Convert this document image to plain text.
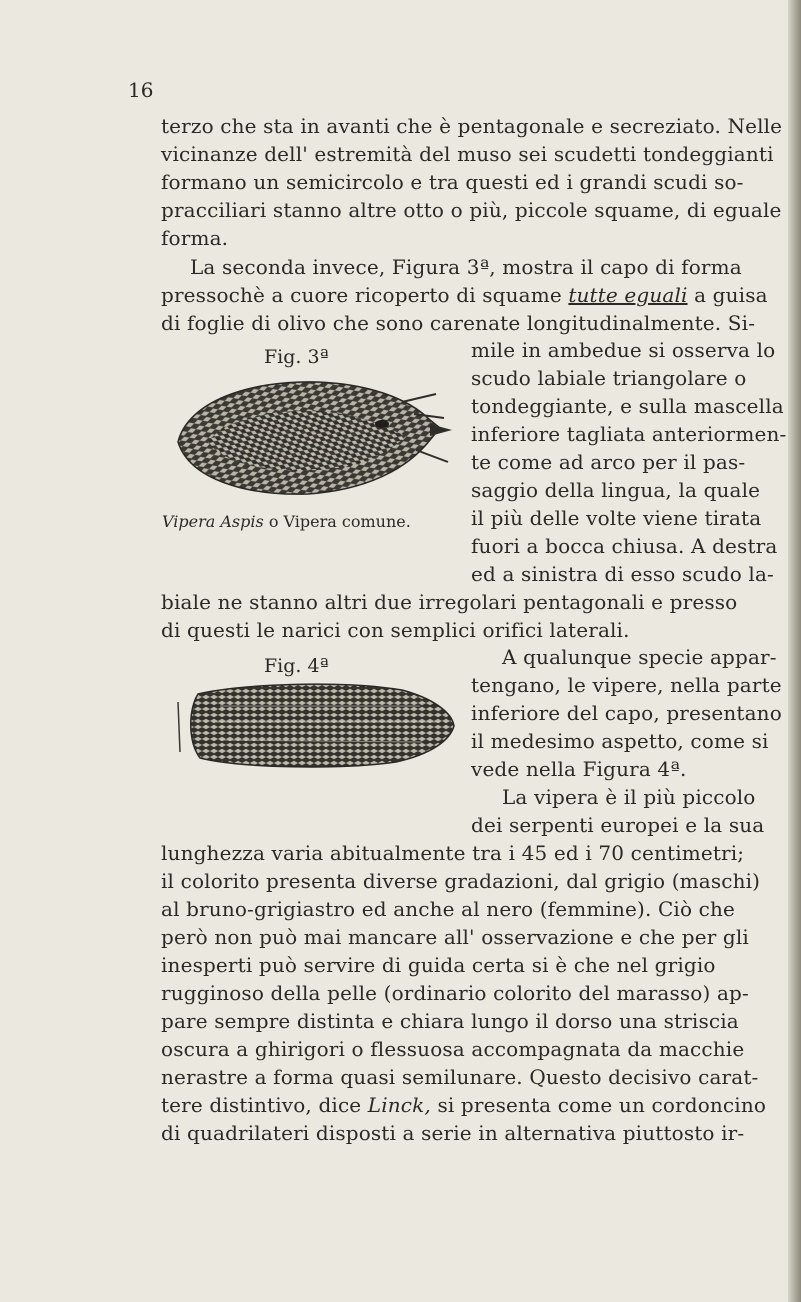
16
terzo che sta in avanti che è pentagonale e secreziato. Nelle
vicinanze dell' estremità del muso sei scudetti tondeggianti
formano un semicircolo e tra questi ed i grandi scudi so-
pracciliari stanno altre otto o più, piccole squame, di eguale
forma.
La seconda invece, Figura 3ª, mostra il capo di forma
pressochè a cuore ricoperto di squame tutte eguali a guisa
di foglie di olivo che sono carenate longitudinalmente. Si-
Fig. 3ª
Vipera Aspis o Vipera comune.
mile in ambedue si osserva lo
scudo labiale triangolare o
tondeggiante, e sulla mascella
inferiore tagliata anteriormen-
te come ad arco per il pas-
saggio della lingua, la quale
il più delle volte viene tirata
fuori a bocca chiusa. A destra
ed a sinistra di esso scudo la-
biale ne stanno altri due irregolari pentagonali e presso
di questi le narici con semplici orifici laterali.
Fig. 4ª	A qualunque specie appar-
tengano, le vipere, nella parte
inferiore del capo, presentano
il medesimo aspetto, come si
vede nella Figura 4ª.
La vipera è il più piccolo
dei serpenti europei e la sua
lunghezza varia abitualmente tra i 45 ed i 70 centimetri;
il colorito presenta diverse gradazioni, dal grigio (maschi)
al bruno-grigiastro ed anche al nero (femmine). Ciò che
però non può mai mancare all' osservazione e che per gli
inesperti può servire di guida certa si è che nel grigio
rugginoso della pelle (ordinario colorito del marasso) ap-
pare sempre distinta e chiara lungo il dorso una striscia
oscura a ghirigori o flessuosa accompagnata da macchie
nerastre a forma quasi semilunare. Questo decisivo carat-
tere distintivo, dice Linck, si presenta come un cordoncino
di quadrilateri disposti a serie in alternativa piuttosto ir-
